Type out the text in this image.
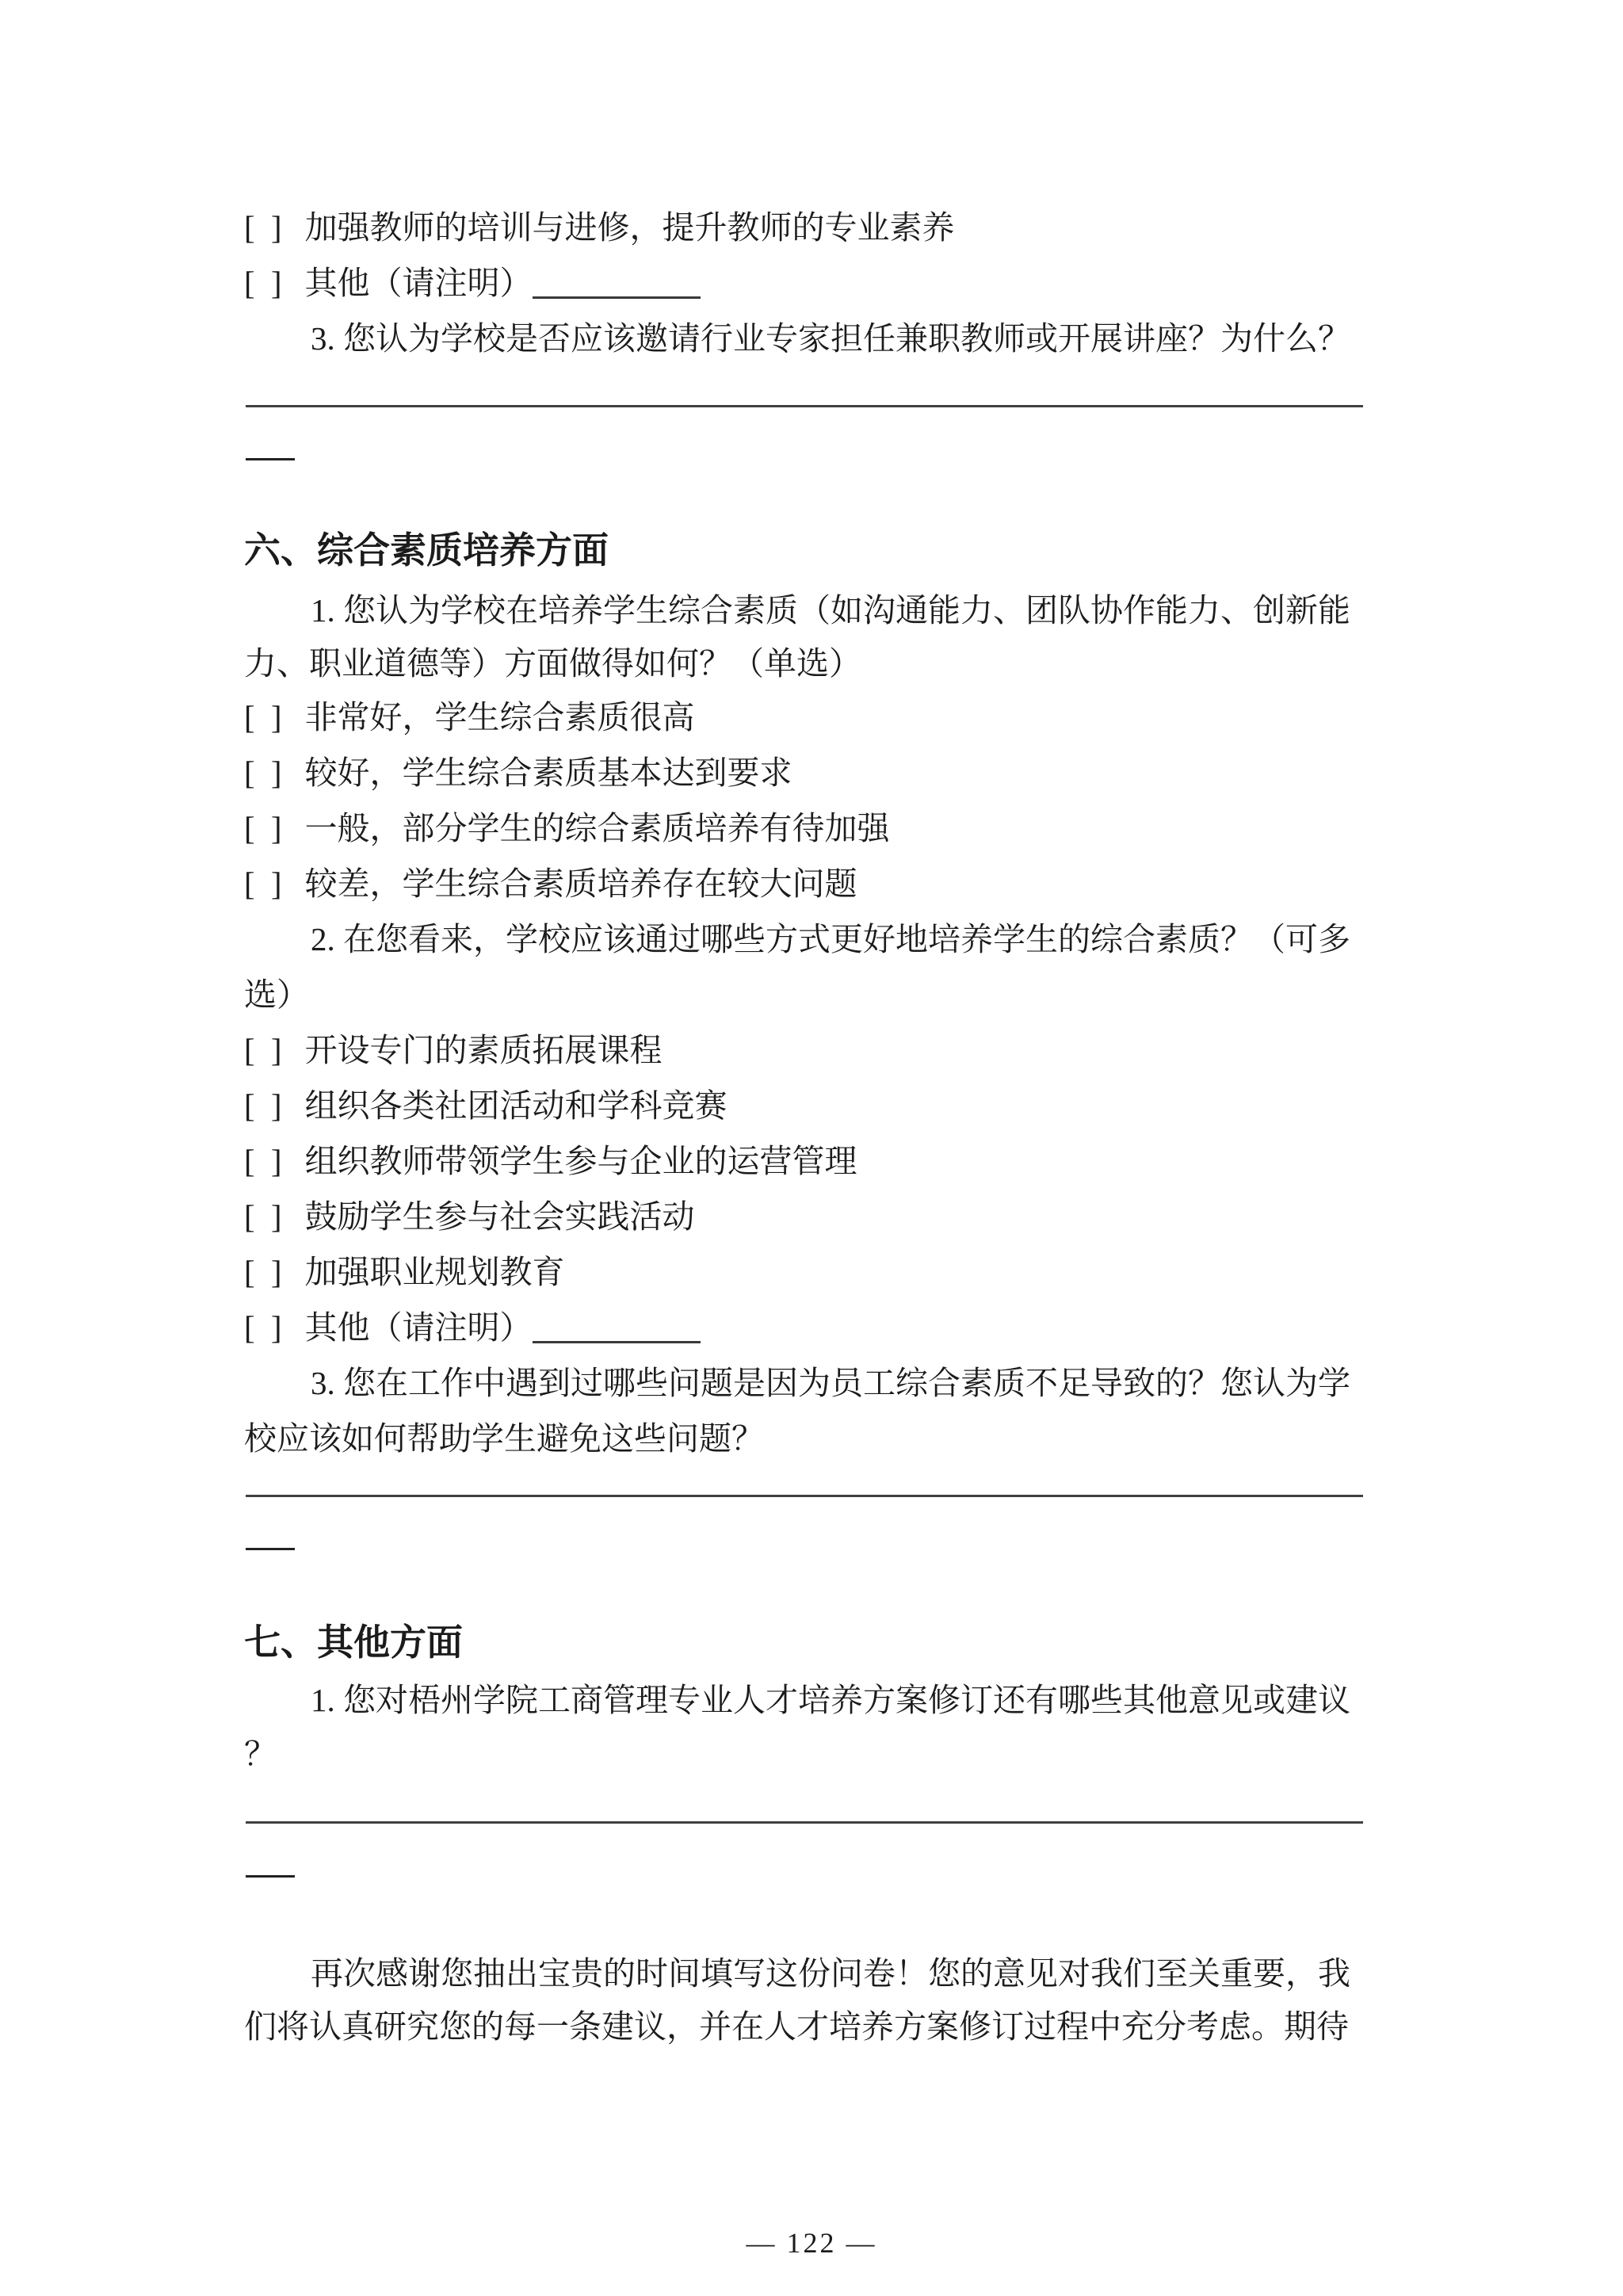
[ ] 加强教师的培训与进修，提升教师的专业素养
[ ] 其他（请注明）
3. 您认为学校是否应该邀请行业专家担任兼职教师或开展讲座？为什么？
六、综合素质培养方面
1. 您认为学校在培养学生综合素质（如沟通能力、团队协作能力、创新能
力、职业道德等）方面做得如何？（单选）
[ ] 非常好，学生综合素质很高
[ ] 较好，学生综合素质基本达到要求
[ ] 一般，部分学生的综合素质培养有待加强
[ ] 较差，学生综合素质培养存在较大问题
2. 在您看来，学校应该通过哪些方式更好地培养学生的综合素质？（可多
选）
[ ] 开设专门的素质拓展课程
[ ] 组织各类社团活动和学科竞赛
[ ] 组织教师带领学生参与企业的运营管理
[ ] 鼓励学生参与社会实践活动
[ ] 加强职业规划教育
[ ] 其他（请注明）
3. 您在工作中遇到过哪些问题是因为员工综合素质不足导致的？您认为学
校应该如何帮助学生避免这些问题？
七、其他方面
1. 您对梧州学院工商管理专业人才培养方案修订还有哪些其他意见或建议
？
再次感谢您抽出宝贵的时间填写这份问卷！您的意见对我们至关重要，我
们将认真研究您的每一条建议，并在人才培养方案修订过程中充分考虑。期待
— 122 —
